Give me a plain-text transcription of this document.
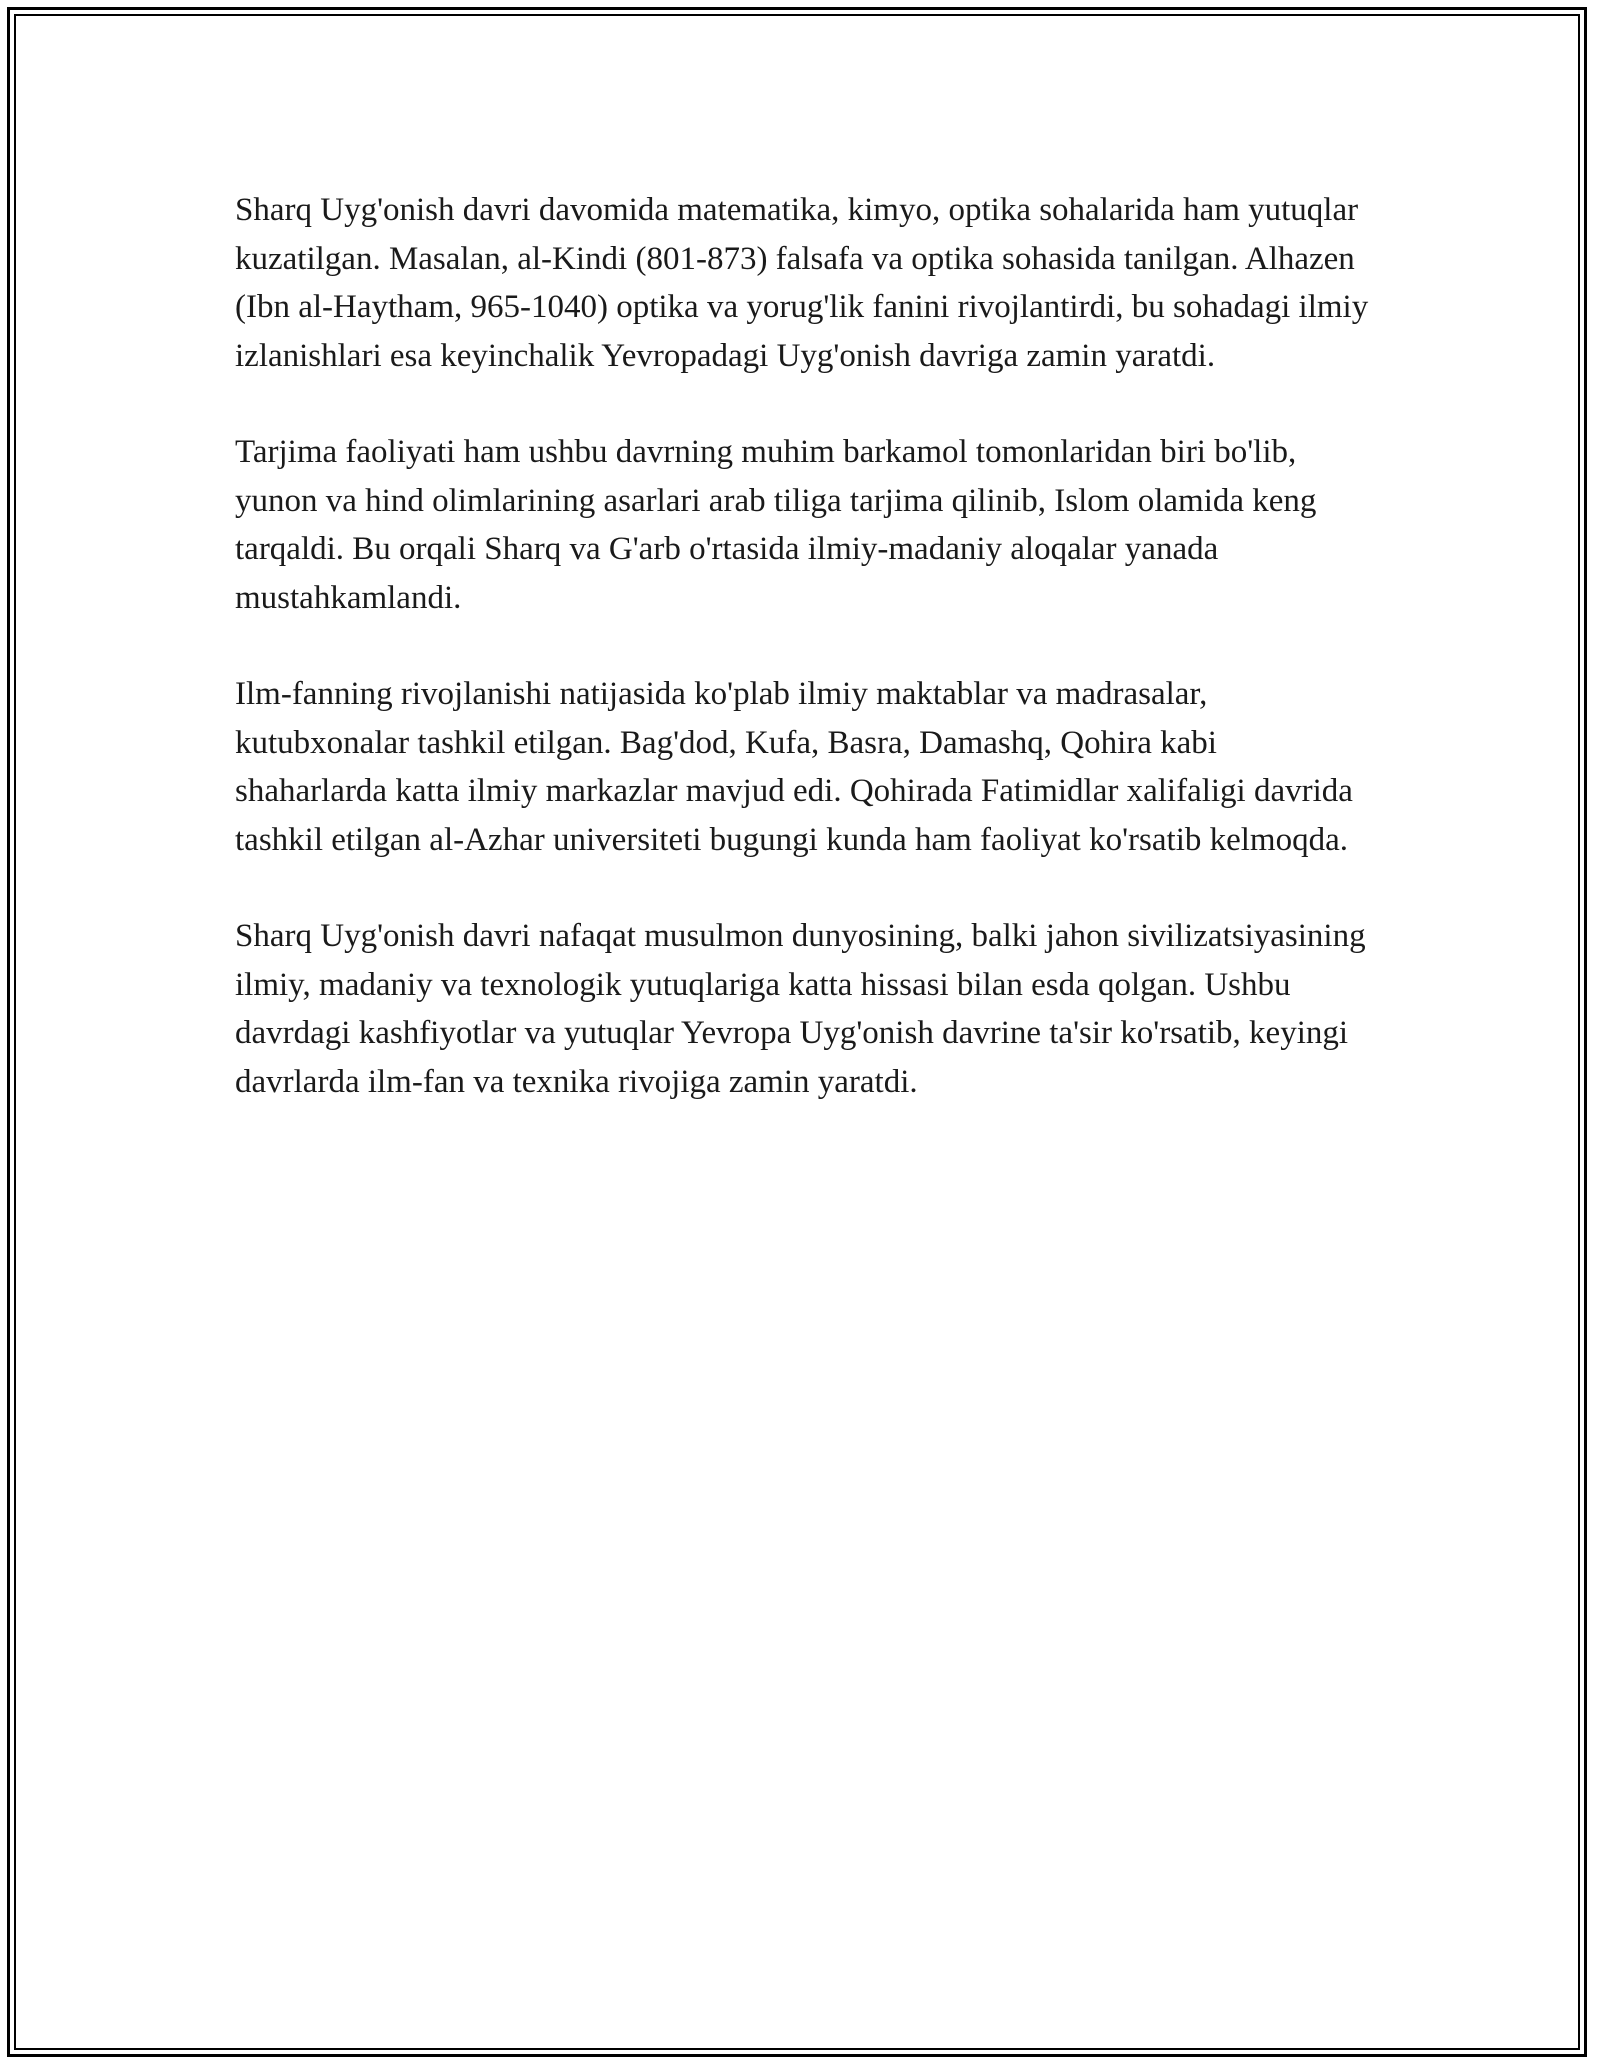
Sharq Uyg'onish davri davomida matematika, kimyo, optika sohalarida ham yutuqlar kuzatilgan. Masalan, al-Kindi (801-873) falsafa va optika sohasida tanilgan. Alhazen (Ibn al-Haytham, 965-1040) optika va yorug'lik fanini rivojlantirdi, bu sohadagi ilmiy izlanishlari esa keyinchalik Yevropadagi Uyg'onish davriga zamin yaratdi.

Tarjima faoliyati ham ushbu davrning muhim barkamol tomonlaridan biri bo'lib, yunon va hind olimlarining asarlari arab tiliga tarjima qilinib, Islom olamida keng tarqaldi. Bu orqali Sharq va G'arb o'rtasida ilmiy-madaniy aloqalar yanada mustahkamlandi.

Ilm-fanning rivojlanishi natijasida ko'plab ilmiy maktablar va madrasalar, kutubxonalar tashkil etilgan. Bag'dod, Kufa, Basra, Damashq, Qohira kabi shaharlarda katta ilmiy markazlar mavjud edi. Qohirada Fatimidlar xalifaligi davrida tashkil etilgan al-Azhar universiteti bugungi kunda ham faoliyat ko'rsatib kelmoqda.

Sharq Uyg'onish davri nafaqat musulmon dunyosining, balki jahon sivilizatsiyasining ilmiy, madaniy va texnologik yutuqlariga katta hissasi bilan esda qolgan. Ushbu davrdagi kashfiyotlar va yutuqlar Yevropa Uyg'onish davrine ta'sir ko'rsatib, keyingi davrlarda ilm-fan va texnika rivojiga zamin yaratdi.
